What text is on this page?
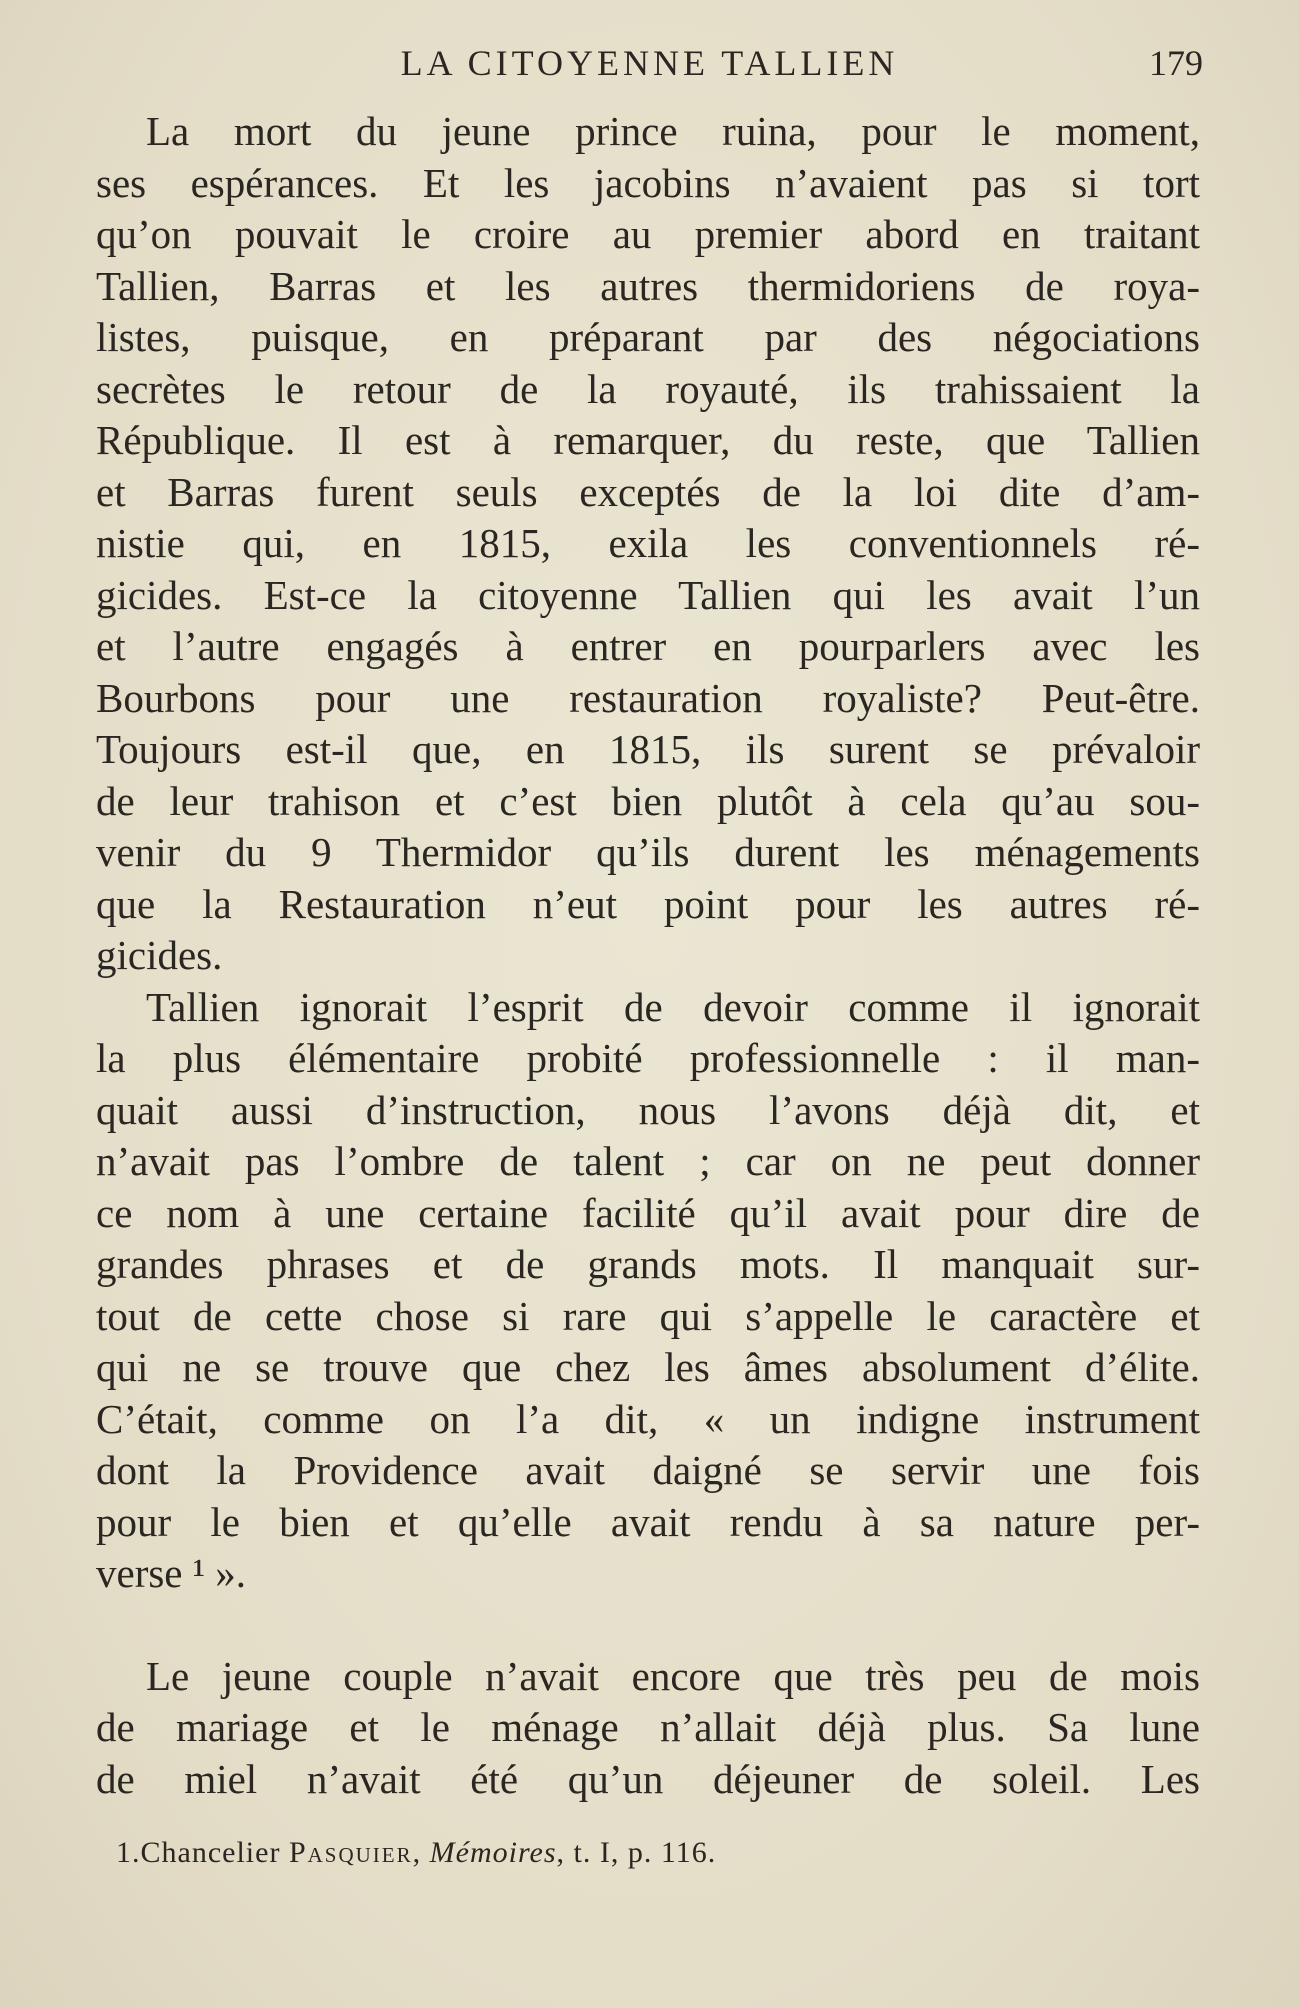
LA CITOYENNE TALLIEN	179
La mort du jeune prince ruina, pour le moment,
ses espérances. Et les jacobins n’avaient pas si tort
qu’on pouvait le croire au premier abord en traitant
Tallien, Barras et les autres thermidoriens de roya-
listes, puisque, en préparant par des négociations
secrètes le retour de la royauté, ils trahissaient la
République. Il est à remarquer, du reste, que Tallien
et Barras furent seuls exceptés de la loi dite d’am-
nistie qui, en 1815, exila les conventionnels ré-
gicides. Est-ce la citoyenne Tallien qui les avait l’un
et l’autre engagés à entrer en pourparlers avec les
Bourbons pour une restauration royaliste? Peut-être.
Toujours est-il que, en 1815, ils surent se prévaloir
de leur trahison et c’est bien plutôt à cela qu’au sou-
venir du 9 Thermidor qu’ils durent les ménagements
que la Restauration n’eut point pour les autres ré-
gicides.
Tallien ignorait l’esprit de devoir comme il ignorait
la plus élémentaire probité professionnelle : il man-
quait aussi d’instruction, nous l’avons déjà dit, et
n’avait pas l’ombre de talent ; car on ne peut donner
ce nom à une certaine facilité qu’il avait pour dire de
grandes phrases et de grands mots. Il manquait sur-
tout de cette chose si rare qui s’appelle le caractère et
qui ne se trouve que chez les âmes absolument d’élite.
C’était, comme on l’a dit, « un indigne instrument
dont la Providence avait daigné se servir une fois
pour le bien et qu’elle avait rendu à sa nature per-
verse ¹ ».
Le jeune couple n’avait encore que très peu de mois
de mariage et le ménage n’allait déjà plus. Sa lune
de miel n’avait été qu’un déjeuner de soleil. Les
1.Chancelier Pasquier, Mémoires, t. I, p. 116.
